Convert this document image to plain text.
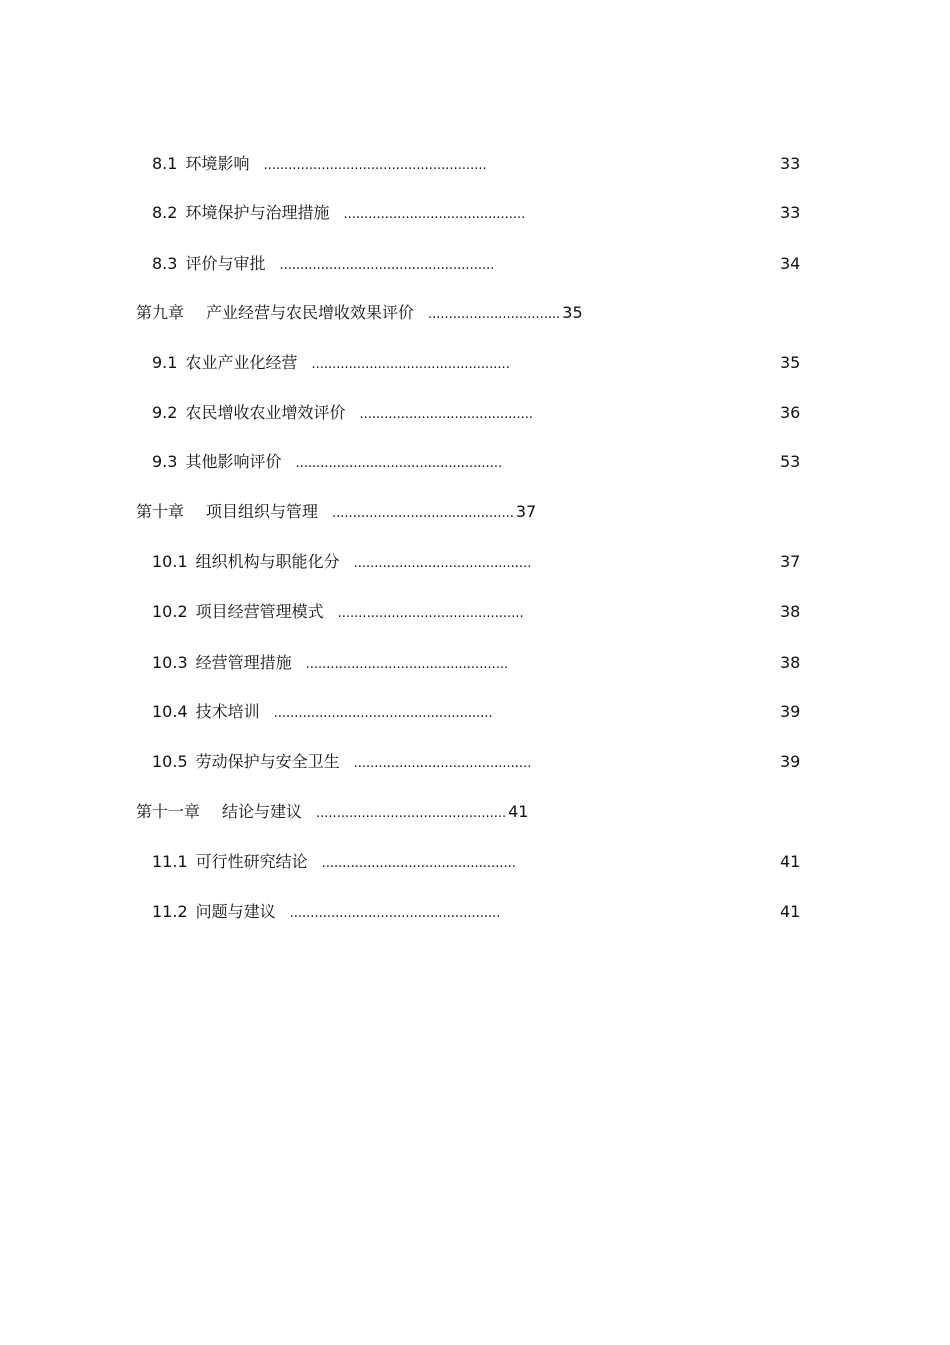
8.1 环境影响 ......................................................	33
8.2 环境保护与治理措施 ............................................	33
8.3 评价与审批 ....................................................	34
第九章 产业经营与农民增收效果评价 ................................ 35
9.1 农业产业化经营 ................................................	35
9.2 农民增收农业增效评价 ..........................................	36
9.3 其他影响评价 ..................................................	53
第十章 项目组织与管理 ............................................ 37
10.1 组织机构与职能化分 ...........................................	37
10.2 项目经营管理模式 .............................................	38
10.3 经营管理措施 .................................................	38
10.4 技术培训 .....................................................	39
10.5 劳动保护与安全卫生 ...........................................	39
第十一章 结论与建议 .............................................. 41
11.1 可行性研究结论 ...............................................	41
11.2 问题与建议 ...................................................	41
